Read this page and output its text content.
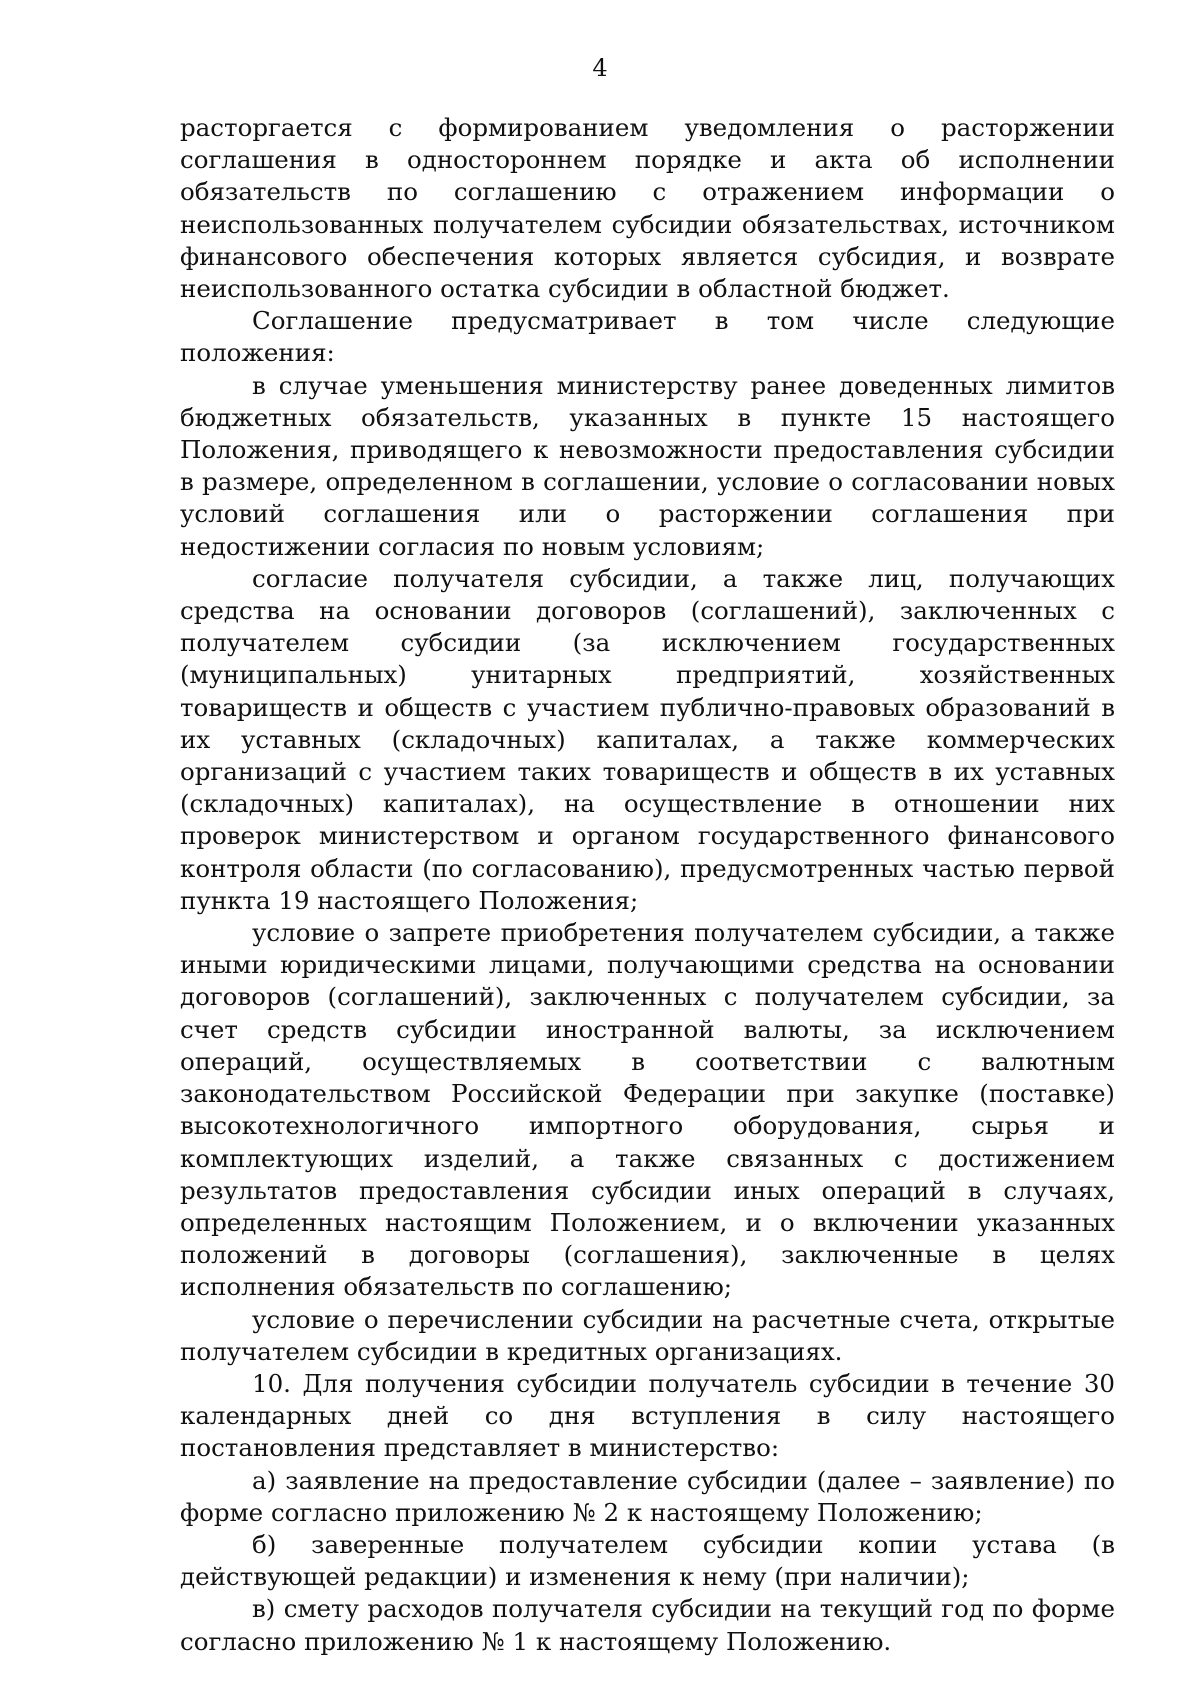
4

расторгается с формированием уведомления о расторжении соглашения в одностороннем порядке и акта об исполнении обязательств по соглашению с отражением информации о неиспользованных получателем субсидии обязательствах, источником финансового обеспечения которых является субсидия, и возврате неиспользованного остатка субсидии в областной бюджет.

Соглашение предусматривает в том числе следующие положения:

в случае уменьшения министерству ранее доведенных лимитов бюджетных обязательств, указанных в пункте 15 настоящего Положения, приводящего к невозможности предоставления субсидии в размере, определенном в соглашении, условие о согласовании новых условий соглашения или о расторжении соглашения при недостижении согласия по новым условиям;

согласие получателя субсидии, а также лиц, получающих средства на основании договоров (соглашений), заключенных с получателем субсидии (за исключением государственных (муниципальных) унитарных предприятий, хозяйственных товариществ и обществ с участием публично-правовых образований в их уставных (складочных) капиталах, а также коммерческих организаций с участием таких товариществ и обществ в их уставных (складочных) капиталах), на осуществление в отношении них проверок министерством и органом государственного финансового контроля области (по согласованию), предусмотренных частью первой пункта 19 настоящего Положения;

условие о запрете приобретения получателем субсидии, а также иными юридическими лицами, получающими средства на основании договоров (соглашений), заключенных с получателем субсидии, за счет средств субсидии иностранной валюты, за исключением операций, осуществляемых в соответствии с валютным законодательством Российской Федерации при закупке (поставке) высокотехнологичного импортного оборудования, сырья и комплектующих изделий, а также связанных с достижением результатов предоставления субсидии иных операций в случаях, определенных настоящим Положением, и о включении указанных положений в договоры (соглашения), заключенные в целях исполнения обязательств по соглашению;

условие о перечислении субсидии на расчетные счета, открытые получателем субсидии в кредитных организациях.

10. Для получения субсидии получатель субсидии в течение 30 календарных дней со дня вступления в силу настоящего постановления представляет в министерство:

а) заявление на предоставление субсидии (далее – заявление) по форме согласно приложению № 2 к настоящему Положению;

б) заверенные получателем субсидии копии устава (в действующей редакции) и изменения к нему (при наличии);

в) смету расходов получателя субсидии на текущий год по форме согласно приложению № 1 к настоящему Положению.
